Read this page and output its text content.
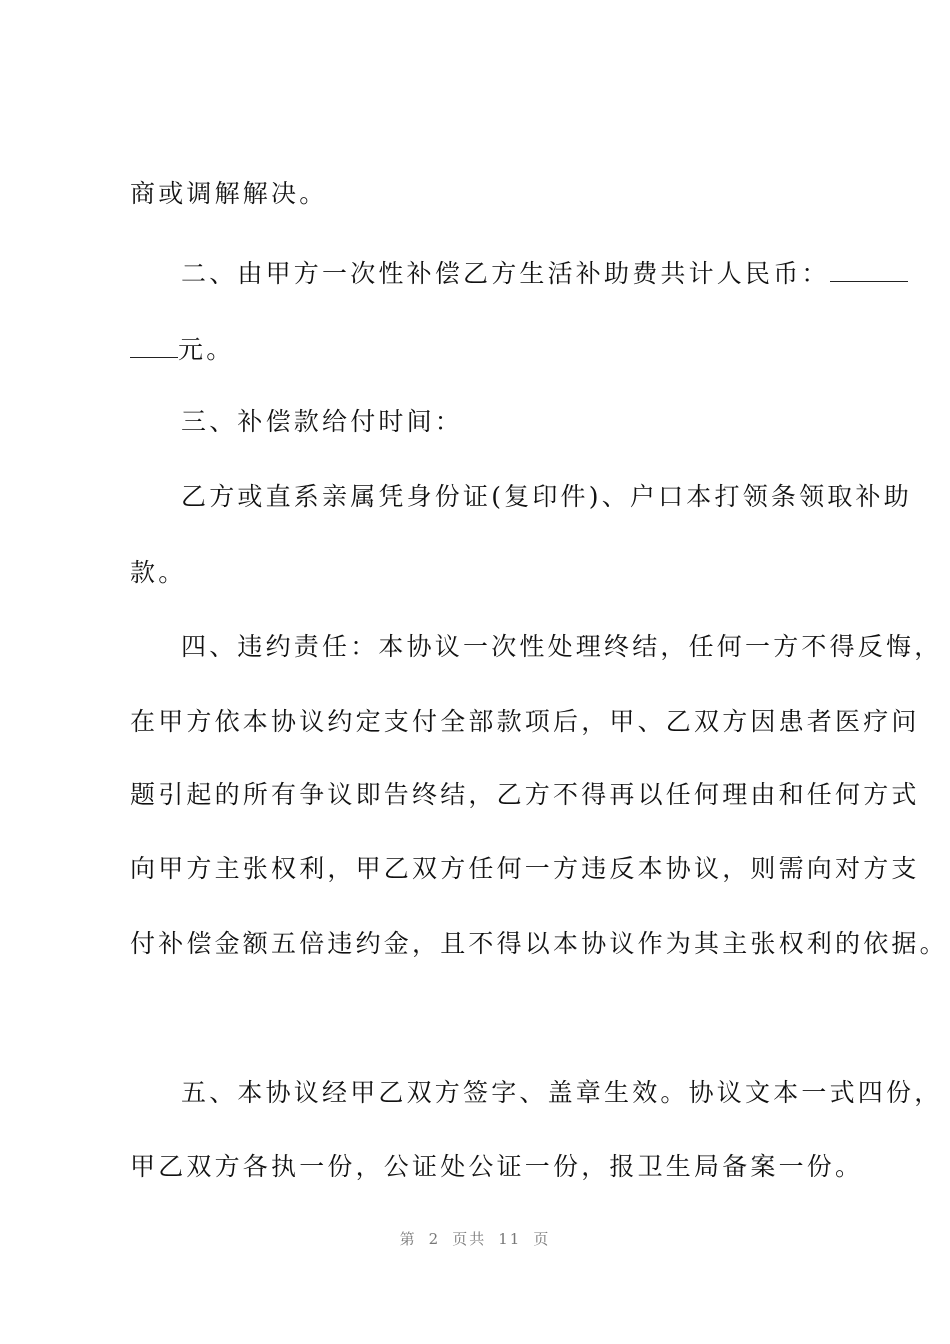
商或调解解决。
二、由甲方一次性补偿乙方生活补助费共计人民币：
元。
三、补偿款给付时间：
乙方或直系亲属凭身份证(复印件)、户口本打领条领取补助
款。
四、违约责任：本协议一次性处理终结，任何一方不得反悔，
在甲方依本协议约定支付全部款项后，甲、乙双方因患者医疗问
题引起的所有争议即告终结，乙方不得再以任何理由和任何方式
向甲方主张权利，甲乙双方任何一方违反本协议，则需向对方支
付补偿金额五倍违约金，且不得以本协议作为其主张权利的依据。
五、本协议经甲乙双方签字、盖章生效。协议文本一式四份，
甲乙双方各执一份，公证处公证一份，报卫生局备案一份。
第 2 页共 11 页
